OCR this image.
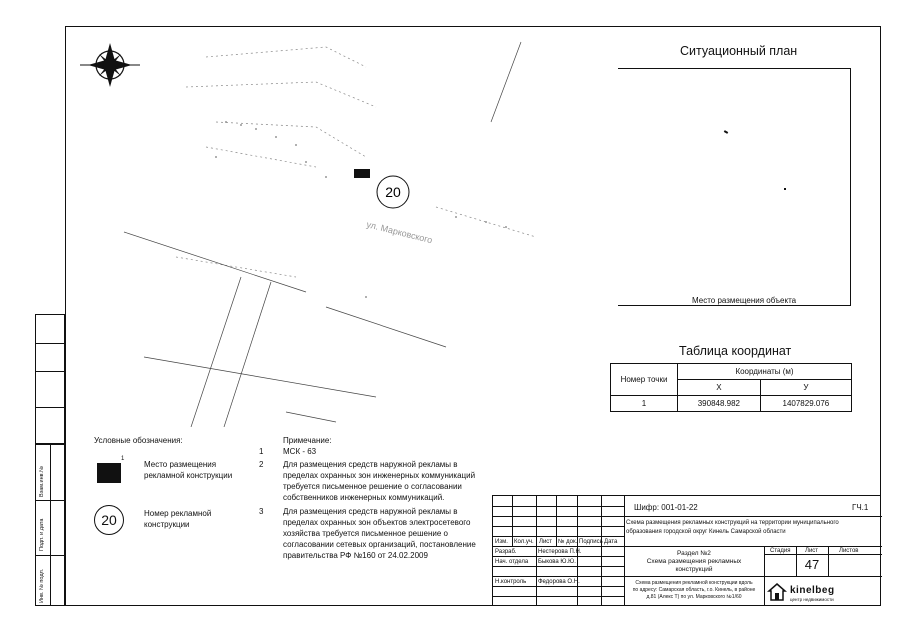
Взам.инв.№
Подп. и дата
Инв. № подл.
20
ул. Марковского
Ситуационный план
Место размещения объекта
Таблица координат
Номер точки	Координаты (м)	
	X	У
1	390848.982	1407829.076
Условные обозначения:
1
Место размещения
рекламной конструкции
20	Номер рекламной
конструкции
Примечание:
1 МСК - 63
2 Для размещения средств наружной рекламы в
пределах охранных зон инженерных коммуникаций
требуется письменное решение о согласовании
собственников инженерных коммуникаций.
3 Для размещения средств наружной рекламы в
пределах охранных зон объектов электросетевого
хозяйства требуется письменное решение о
согласовании сетевых организаций, постановление
правительства РФ №160 от 24.02.2009
Изм. Кол.уч. Лист № док. Подпись Дата
Разраб.	Нестерова П.Н.
Нач. отдела Быкова Ю.Ю.
Н.контроль Федорова О.Н.
Шифр: 001-01-22	ГЧ.1
Схема размещения рекламных конструкций на территории муниципального
образования городской округ Кинель Самарской области
Раздел №2
Схема размещения рекламных
конструкций
Стадия Лист	Листов
47
Схема размещения рекламной конструкции вдоль
по адресу: Самарская область, г.о. Кинель, в районе
д.81 (Алекс Т) по ул. Марковского №1/60
kinelbeg
центр недвижимости
